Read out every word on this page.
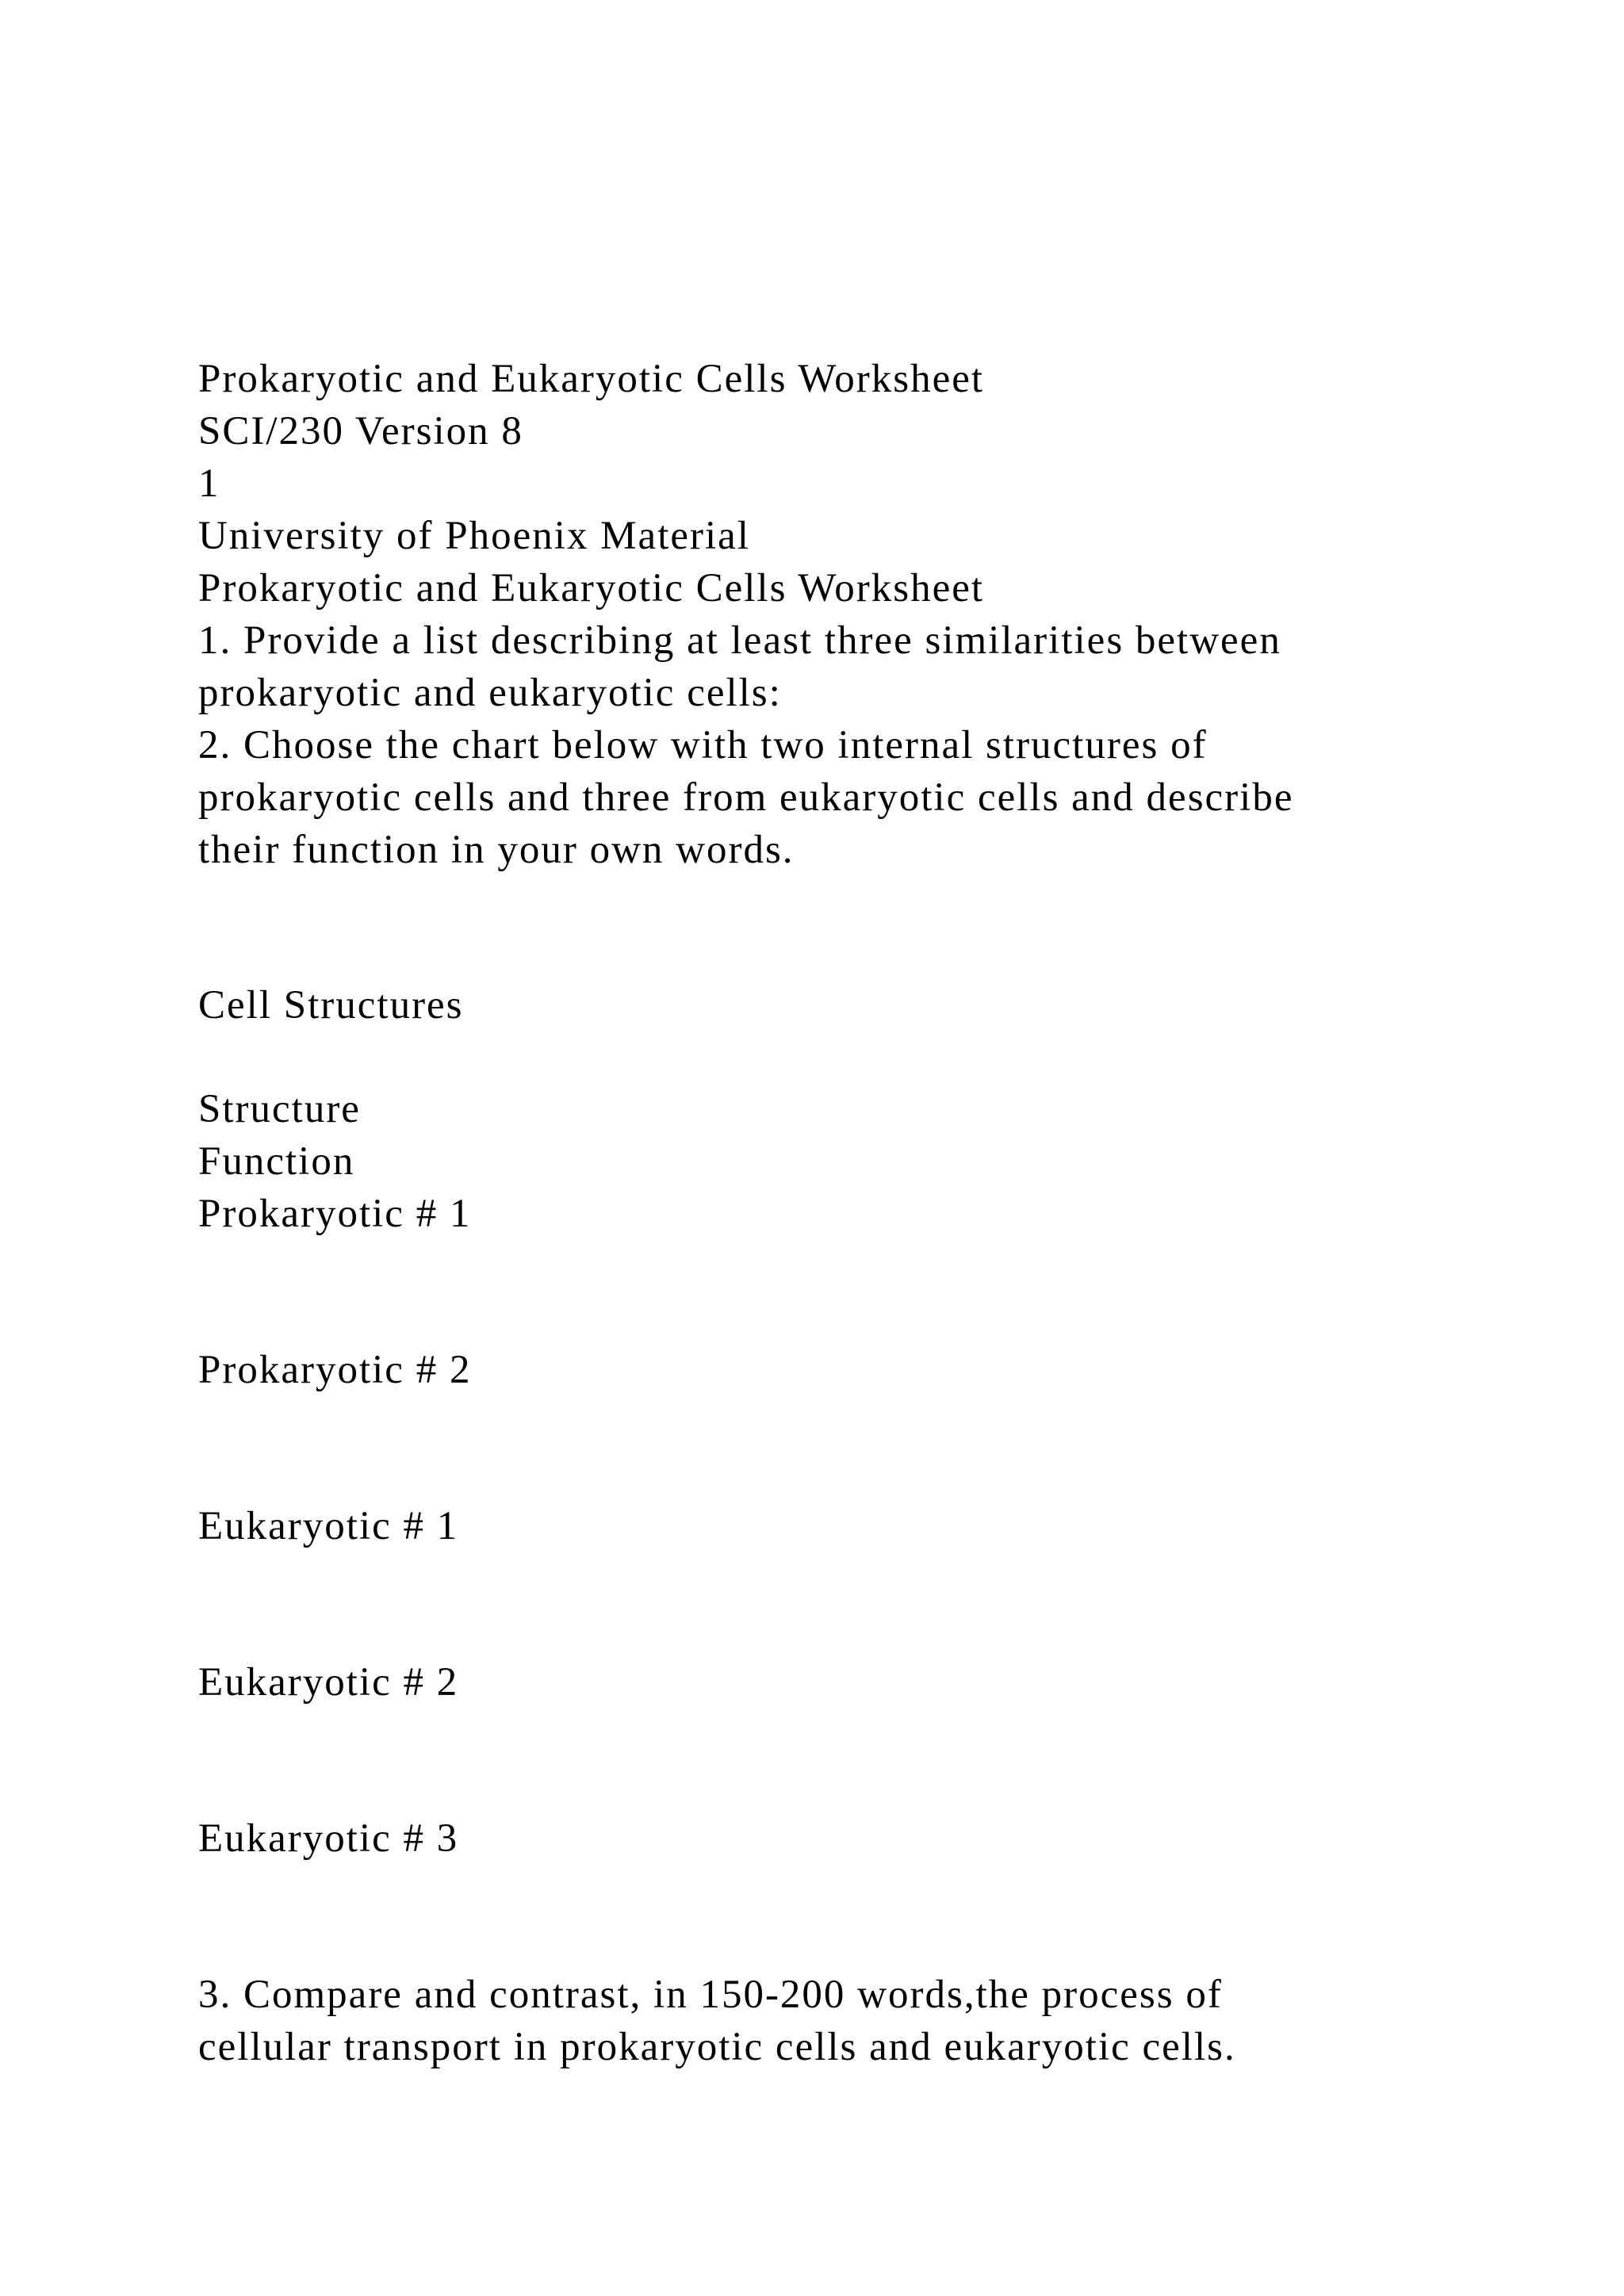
Prokaryotic and Eukaryotic Cells Worksheet
SCI/230 Version 8
1
University of Phoenix Material
Prokaryotic and Eukaryotic Cells Worksheet
1. Provide a list describing at least three similarities between
prokaryotic and eukaryotic cells:
2. Choose the chart below with two internal structures of
prokaryotic cells and three from eukaryotic cells and describe
their function in your own words.
Cell Structures
Structure
Function
Prokaryotic # 1
Prokaryotic # 2
Eukaryotic # 1
Eukaryotic # 2
Eukaryotic # 3
3. Compare and contrast, in 150-200 words,the process of
cellular transport in prokaryotic cells and eukaryotic cells.
